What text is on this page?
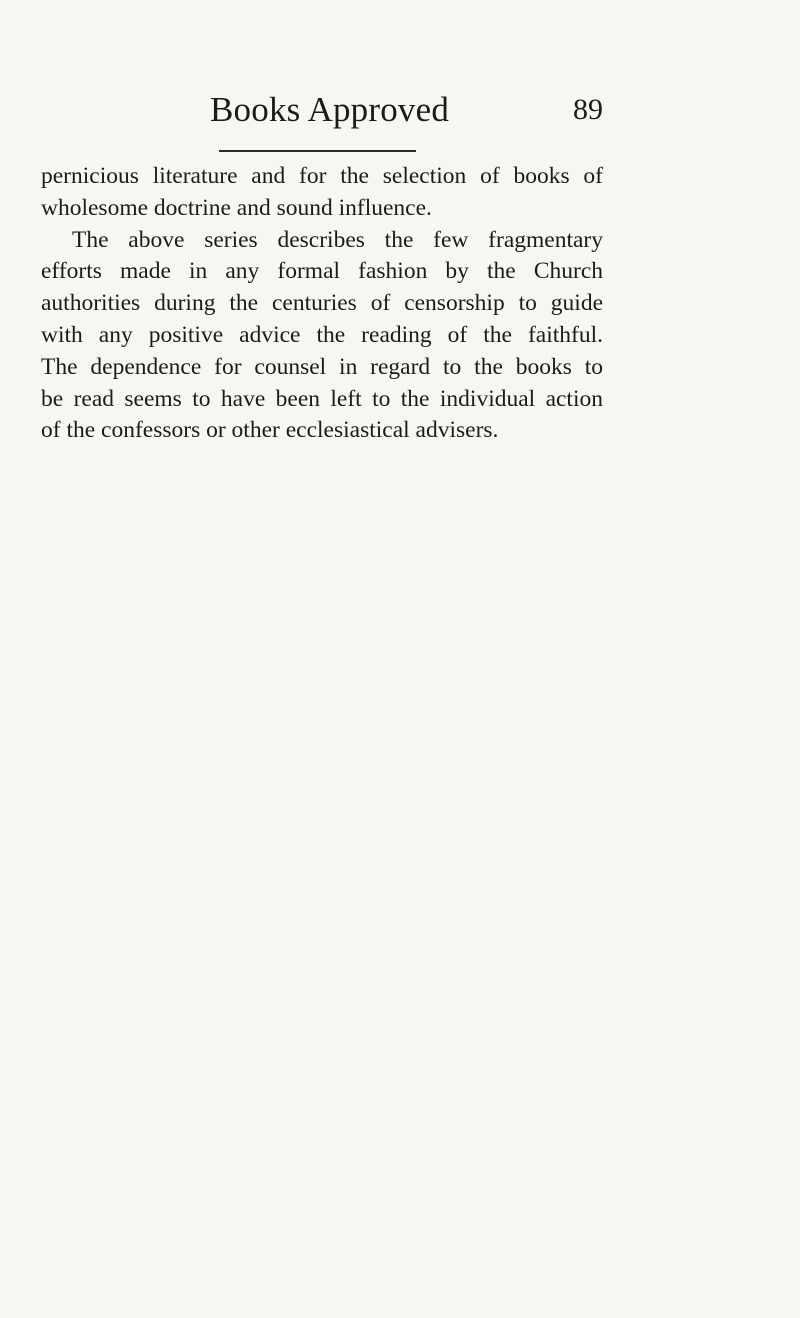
Books Approved	89
pernicious literature and for the selection of books of
wholesome doctrine and sound influence.
The above series describes the few fragmentary
efforts made in any formal fashion by the Church
authorities during the centuries of censorship to guide
with any positive advice the reading of the faithful.
The dependence for counsel in regard to the books to
be read seems to have been left to the individual action
of the confessors or other ecclesiastical advisers.
